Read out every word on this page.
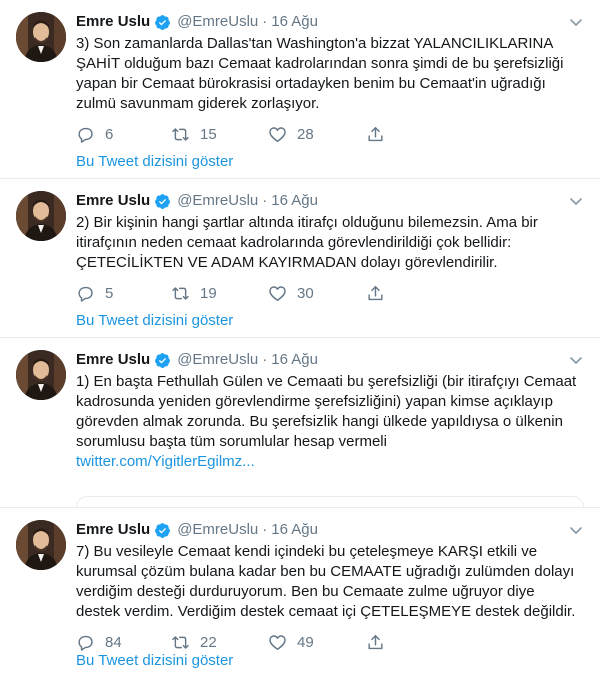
Emre Uslu @EmreUslu · 16 Ağu
3) Son zamanlarda Dallas'tan Washington'a bizzat YALANCILIKLARINA
ŞAHİT olduğum bazı Cemaat kadrolarından sonra şimdi de bu şerefsizliği
yapan bir Cemaat bürokrasisi ortadayken benim bu Cemaat'in uğradığı
zulmü savunmam giderek zorlaşıyor.
6	15	28
Bu Tweet dizisini göster
Emre Uslu @EmreUslu · 16 Ağu
2) Bir kişinin hangi şartlar altında itirafçı olduğunu bilemezsin. Ama bir
itirafçının neden cemaat kadrolarında görevlendirildiği çok bellidir:
ÇETECİLİKTEN VE ADAM KAYIRMADAN dolayı görevlendirilir.
5	19	30
Bu Tweet dizisini göster
Emre Uslu @EmreUslu · 16 Ağu
1) En başta Fethullah Gülen ve Cemaati bu şerefsizliği (bir itirafçıyı Cemaat
kadrosunda yeniden görevlendirme şerefsizliğini) yapan kimse açıklayıp
görevden almak zorunda. Bu şerefsizlik hangi ülkede yapıldıysa o ülkenin
sorumlusu başta tüm sorumlular hesap vermeli
twitter.com/YigitlerEgilmz...
Emre Uslu @EmreUslu · 16 Ağu
7) Bu vesileyle Cemaat kendi içindeki bu çeteleşmeye KARŞI etkili ve
kurumsal çözüm bulana kadar ben bu CEMAATE uğradığı zulümden dolayı
verdiğim desteği durduruyorum. Ben bu Cemaate zulme uğruyor diye
destek verdim. Verdiğim destek cemaat içi ÇETELEŞMEYE destek değildir.
84	22	49
Bu Tweet dizisini göster
